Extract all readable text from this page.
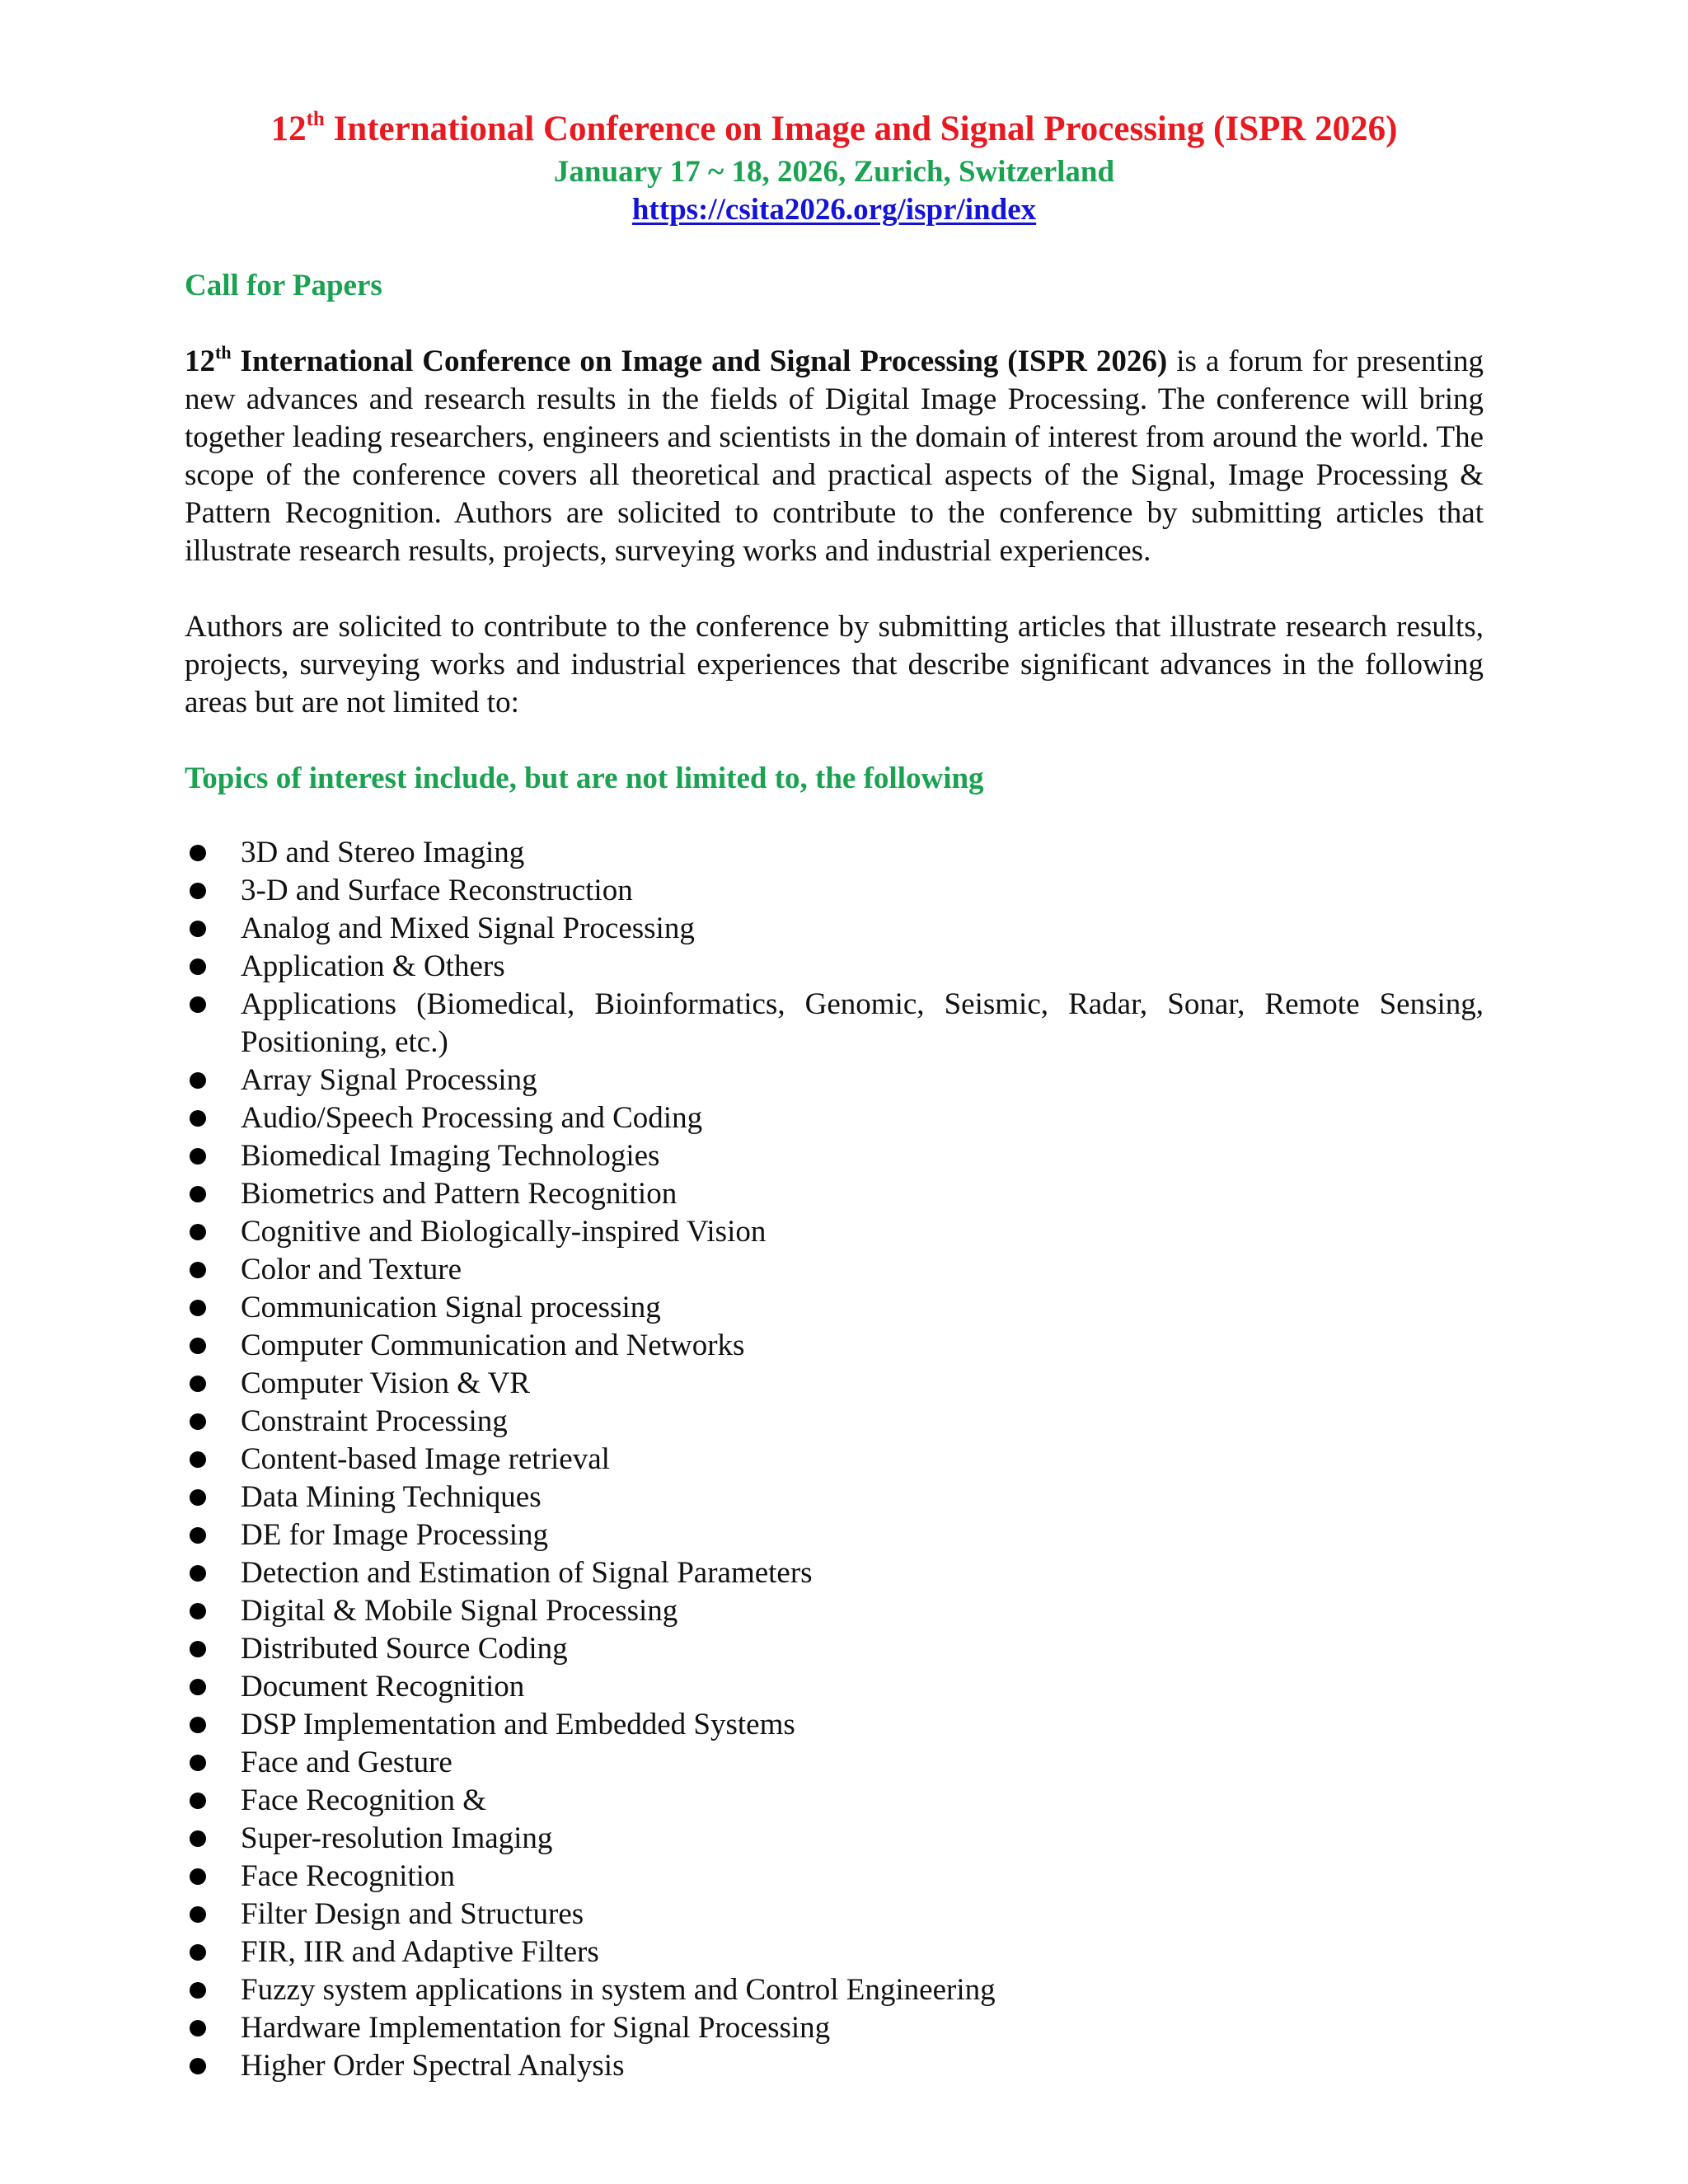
12th International Conference on Image and Signal Processing (ISPR 2026)

January 17 ~ 18, 2026, Zurich, Switzerland

https://csita2026.org/ispr/index

Call for Papers

12th International Conference on Image and Signal Processing (ISPR 2026) is a forum for presenting new advances and research results in the fields of Digital Image Processing. The conference will bring together leading researchers, engineers and scientists in the domain of interest from around the world. The scope of the conference covers all theoretical and practical aspects of the Signal, Image Processing & Pattern Recognition. Authors are solicited to contribute to the conference by submitting articles that illustrate research results, projects, surveying works and industrial experiences.

Authors are solicited to contribute to the conference by submitting articles that illustrate research results, projects, surveying works and industrial experiences that describe significant advances in the following areas but are not limited to:

Topics of interest include, but are not limited to, the following

3D and Stereo Imaging
3-D and Surface Reconstruction
Analog and Mixed Signal Processing
Application & Others
Applications (Biomedical, Bioinformatics, Genomic, Seismic, Radar, Sonar, Remote Sensing, Positioning, etc.)
Array Signal Processing
Audio/Speech Processing and Coding
Biomedical Imaging Technologies
Biometrics and Pattern Recognition
Cognitive and Biologically-inspired Vision
Color and Texture
Communication Signal processing
Computer Communication and Networks
Computer Vision & VR
Constraint Processing
Content-based Image retrieval
Data Mining Techniques
DE for Image Processing
Detection and Estimation of Signal Parameters
Digital & Mobile Signal Processing
Distributed Source Coding
Document Recognition
DSP Implementation and Embedded Systems
Face and Gesture
Face Recognition &
Super-resolution Imaging
Face Recognition
Filter Design and Structures
FIR, IIR and Adaptive Filters
Fuzzy system applications in system and Control Engineering
Hardware Implementation for Signal Processing
Higher Order Spectral Analysis
